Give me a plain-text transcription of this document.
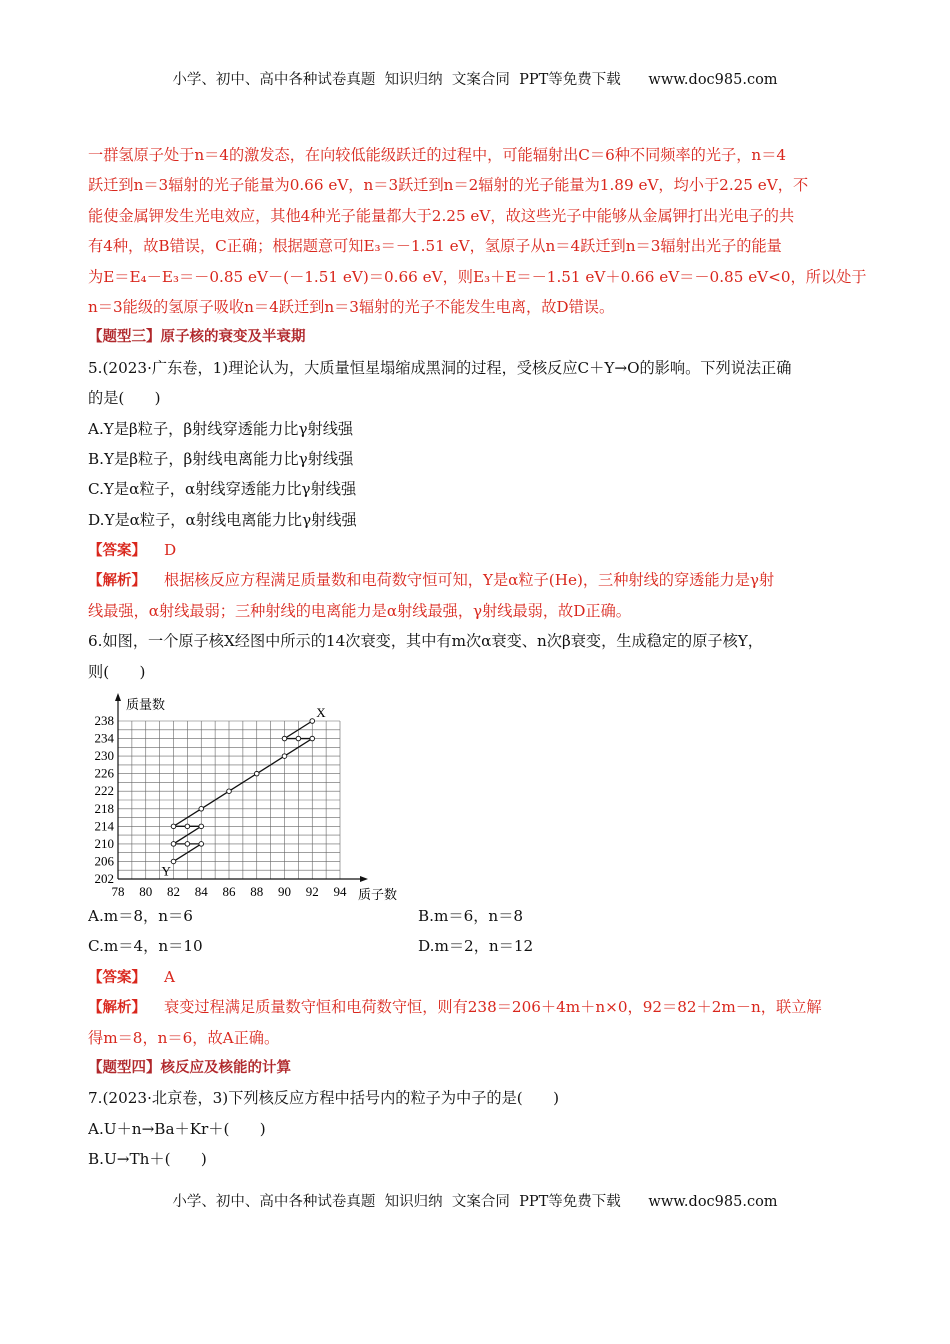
小学、初中、高中各种试卷真题  知识归纳  文案合同  PPT等免费下载      www.doc985.com
一群氢原子处于n＝4的激发态，在向较低能级跃迁的过程中，可能辐射出C＝6种不同频率的光子，n＝4
跃迁到n＝3辐射的光子能量为0.66 eV，n＝3跃迁到n＝2辐射的光子能量为1.89 eV，均小于2.25 eV，不
能使金属钾发生光电效应，其他4种光子能量都大于2.25 eV，故这些光子中能够从金属钾打出光电子的共
有4种，故B错误，C正确；根据题意可知E₃＝－1.51 eV，氢原子从n＝4跃迁到n＝3辐射出光子的能量
为E＝E₄－E₃＝－0.85 eV－(－1.51 eV)＝0.66 eV，则E₃＋E＝－1.51 eV＋0.66 eV＝－0.85 eV<0，所以处于
n＝3能级的氢原子吸收n＝4跃迁到n＝3辐射的光子不能发生电离，故D错误。
【题型三】原子核的衰变及半衰期
5.(2023·广东卷，1)理论认为，大质量恒星塌缩成黑洞的过程，受核反应C＋Y→O的影响。下列说法正确
的是(　　)
A.Y是β粒子，β射线穿透能力比γ射线强
B.Y是β粒子，β射线电离能力比γ射线强
C.Y是α粒子，α射线穿透能力比γ射线强
D.Y是α粒子，α射线电离能力比γ射线强
【答案】 D
【解析】 根据核反应方程满足质量数和电荷数守恒可知，Y是α粒子(He)，三种射线的穿透能力是γ射
线最强，α射线最弱；三种射线的电离能力是α射线最强，γ射线最弱，故D正确。
6.如图，一个原子核X经图中所示的14次衰变，其中有m次α衰变、n次β衰变，生成稳定的原子核Y，
则(　　)
质量数
质子数
78 80 82 84 86 88 90 92 94
202
206
210
214
218
222
226
230
234
238
X
Y
A.m＝8，n＝6	B.m＝6，n＝8
C.m＝4，n＝10	D.m＝2，n＝12
【答案】 A
【解析】 衰变过程满足质量数守恒和电荷数守恒，则有238＝206＋4m＋n×0，92＝82＋2m－n，联立解
得m＝8，n＝6，故A正确。
【题型四】核反应及核能的计算
7.(2023·北京卷，3)下列核反应方程中括号内的粒子为中子的是(　　)
A.U＋n→Ba＋Kr＋(　　)
B.U→Th＋(　　)
小学、初中、高中各种试卷真题  知识归纳  文案合同  PPT等免费下载      www.doc985.com
